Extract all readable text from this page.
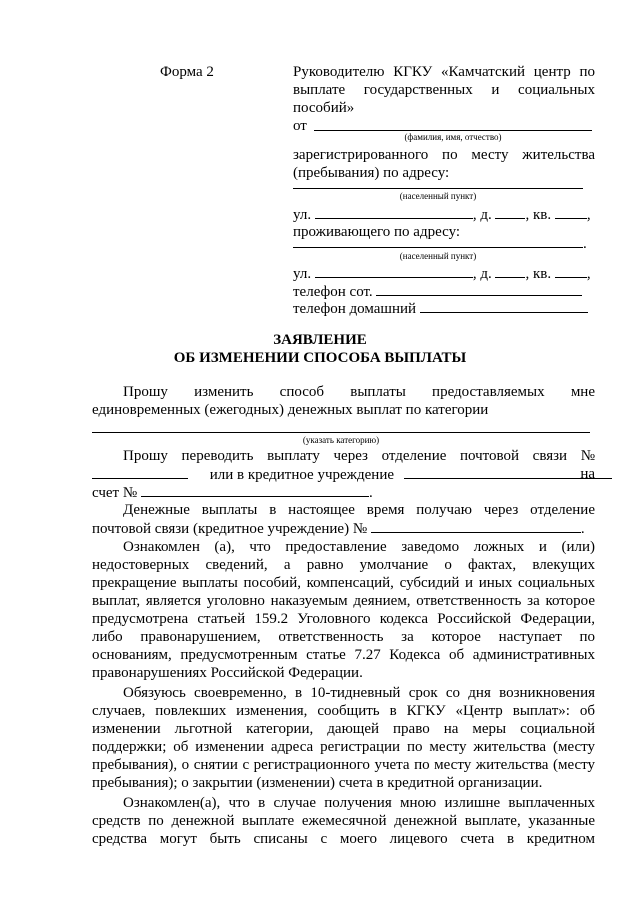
Форма 2	Руководителю КГКУ «Камчатский центр по
выплате государственных и социальных
пособий»
от
(фамилия, имя, отчество)
зарегистрированного по месту жительства
(пребывания) по адресу:
(населенный пункт)
ул.	, д. , кв. ,
проживающего по адресу:
.
(населенный пункт)
ул.	, д. , кв. ,
телефон сот.
телефон домашний
ЗАЯВЛЕНИЕ
ОБ ИЗМЕНЕНИИ СПОСОБА ВЫПЛАТЫ
Прошу изменить способ выплаты предоставляемых мне
единовременных (ежегодных) денежных выплат по категории
(указать категорию)
Прошу переводить выплату через отделение почтовой связи №
или в кредитное учреждение	на
счет №	.
Денежные выплаты в настоящее время получаю через отделение
почтовой связи (кредитное учреждение) №	.
Ознакомлен (а), что предоставление заведомо ложных и (или)
недостоверных сведений, а равно умолчание о фактах, влекущих
прекращение выплаты пособий, компенсаций, субсидий и иных социальных
выплат, является уголовно наказуемым деянием, ответственность за которое
предусмотрена статьей 159.2 Уголовного кодекса Российской Федерации,
либо правонарушением, ответственность за которое наступает по
основаниям, предусмотренным статье 7.27 Кодекса об административных
правонарушениях Российской Федерации.
Обязуюсь своевременно, в 10-тидневный срок со дня возникновения
случаев, повлекших изменения, сообщить в КГКУ «Центр выплат»: об
изменении льготной категории, дающей право на меры социальной
поддержки; об изменении адреса регистрации по месту жительства (месту
пребывания), о снятии с регистрационного учета по месту жительства (месту
пребывания); о закрытии (изменении) счета в кредитной организации.
Ознакомлен(а), что в случае получения мною излишне выплаченных
средств по денежной выплате ежемесячной денежной выплате, указанные
средства могут быть списаны с моего лицевого счета в кредитном
